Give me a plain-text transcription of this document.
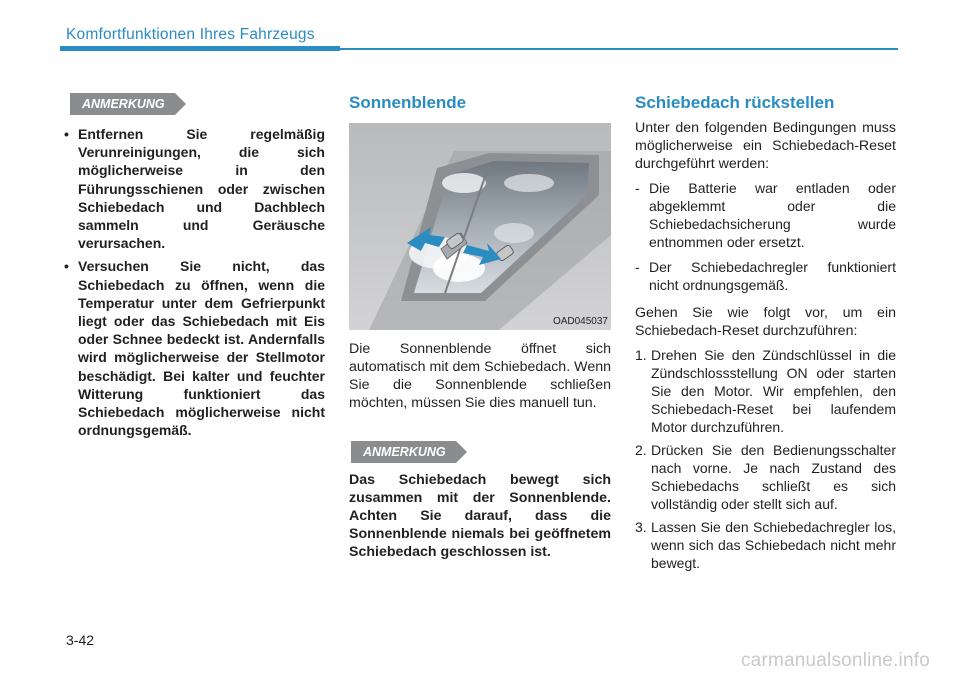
Komfortfunktionen Ihres Fahrzeugs
ANMERKUNG
• Entfernen Sie regelmäßig Verunreinigungen, die sich möglicherweise in den Führungsschienen oder zwischen Schiebedach und Dachblech sammeln und Geräusche verursachen.
• Versuchen Sie nicht, das Schiebedach zu öffnen, wenn die Temperatur unter dem Gefrierpunkt liegt oder das Schiebedach mit Eis oder Schnee bedeckt ist. Andernfalls wird möglicherweise der Stellmotor beschädigt. Bei kalter und feuchter Witterung funktioniert das Schiebedach möglicherweise nicht ordnungsgemäß.
Sonnenblende
OAD045037
Die Sonnenblende öffnet sich automatisch mit dem Schiebedach. Wenn Sie die Sonnenblende schließen möchten, müssen Sie dies manuell tun.
ANMERKUNG
Das Schiebedach bewegt sich zusammen mit der Sonnenblende. Achten Sie darauf, dass die Sonnenblende niemals bei geöffnetem Schiebedach geschlossen ist.
Schiebedach rückstellen
Unter den folgenden Bedingungen muss möglicherweise ein Schiebedach-Reset durchgeführt werden:
- Die Batterie war entladen oder abgeklemmt oder die Schiebedachsicherung wurde entnommen oder ersetzt.
- Der Schiebedachregler funktioniert nicht ordnungsgemäß.
Gehen Sie wie folgt vor, um ein Schiebedach-Reset durchzuführen:
1. Drehen Sie den Zündschlüssel in die Zündschlossstellung ON oder starten Sie den Motor. Wir empfehlen, den Schiebedach-Reset bei laufendem Motor durchzuführen.
2. Drücken Sie den Bedienungsschalter nach vorne. Je nach Zustand des Schiebedachs schließt es sich vollständig oder stellt sich auf.
3. Lassen Sie den Schiebedachregler los, wenn sich das Schiebedach nicht mehr bewegt.
3-42
carmanualsonline.info
